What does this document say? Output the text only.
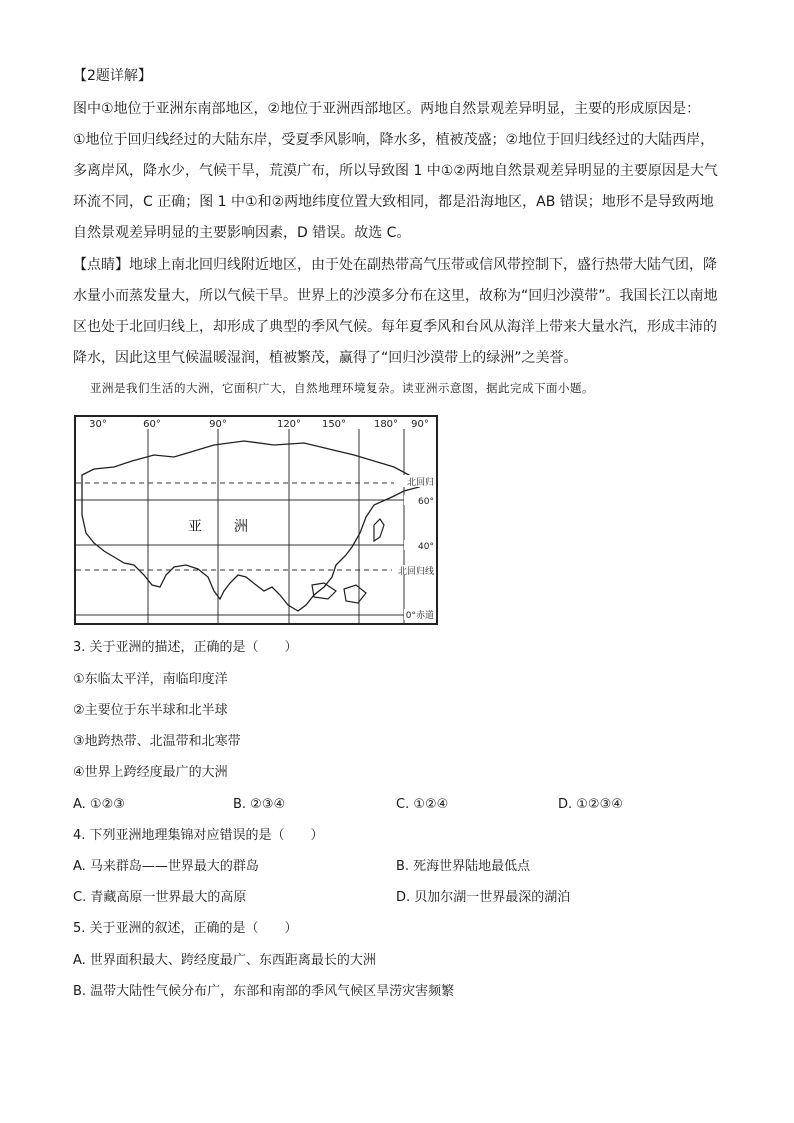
【2题详解】
图中①地位于亚洲东南部地区，②地位于亚洲西部地区。两地自然景观差异明显，主要的形成原因是：
①地位于回归线经过的大陆东岸，受夏季风影响，降水多，植被茂盛；②地位于回归线经过的大陆西岸，
多离岸风，降水少，气候干旱，荒漠广布，所以导致图 1 中①②两地自然景观差异明显的主要原因是大气
环流不同，C 正确；图 1 中①和②两地纬度位置大致相同，都是沿海地区，AB 错误；地形不是导致两地
自然景观差异明显的主要影响因素，D 错误。故选 C。
【点睛】地球上南北回归线附近地区，由于处在副热带高气压带或信风带控制下，盛行热带大陆气团，降
水量小而蒸发量大，所以气候干旱。世界上的沙漠多分布在这里，故称为“回归沙漠带”。我国长江以南地
区也处于北回归线上，却形成了典型的季风气候。每年夏季风和台风从海洋上带来大量水汽，形成丰沛的
降水，因此这里气候温暖湿润，植被繁茂，赢得了“回归沙漠带上的绿洲”之美誉。
亚洲是我们生活的大洲，它面积广大，自然地理环境复杂。读亚洲示意图，据此完成下面小题。
30°	60°	90°	120° 150°	180° 90°
北回归
60°
40°
北回归线
0°赤道
亚 洲
3. 关于亚洲的描述，正确的是（　　）
①东临太平洋，南临印度洋
②主要位于东半球和北半球
③地跨热带、北温带和北寒带
④世界上跨经度最广的大洲
A. ①②③	B. ②③④	C. ①②④	D. ①②③④
4. 下列亚洲地理集锦对应错误的是（　　）
A. 马来群岛——世界最大的群岛	B. 死海世界陆地最低点
C. 青藏高原一世界最大的高原	D. 贝加尔湖一世界最深的湖泊
5. 关于亚洲的叙述，正确的是（　　）
A. 世界面积最大、跨经度最广、东西距离最长的大洲
B. 温带大陆性气候分布广，东部和南部的季风气候区旱涝灾害频繁
